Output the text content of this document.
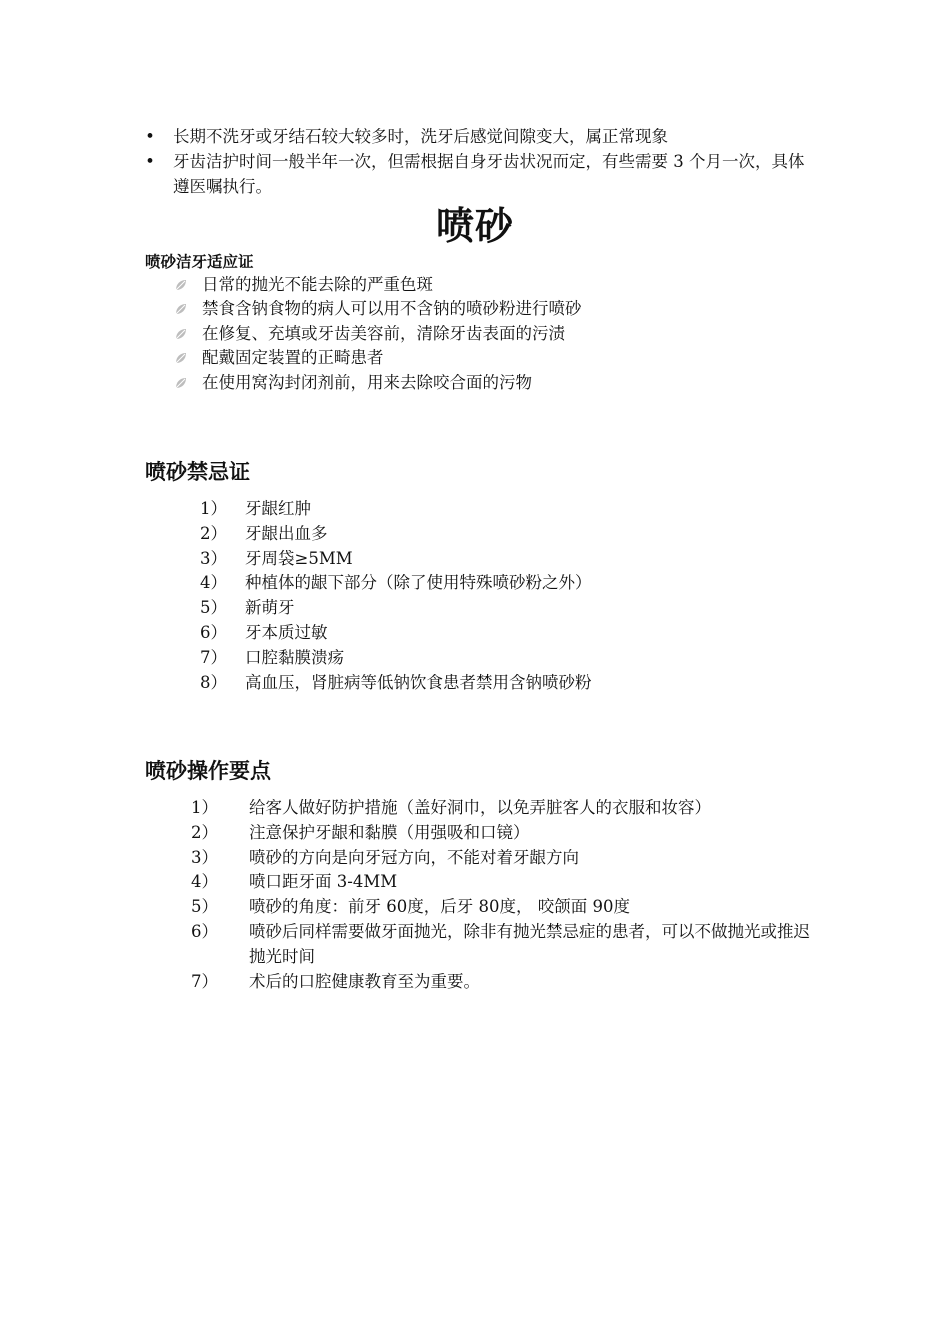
• 长期不洗牙或牙结石较大较多时，洗牙后感觉间隙变大，属正常现象
• 牙齿洁护时间一般半年一次，但需根据自身牙齿状况而定，有些需要 3 个月一次，具体遵医嘱执行。
喷砂
喷砂洁牙适应证
日常的抛光不能去除的严重色斑
禁食含钠食物的病人可以用不含钠的喷砂粉进行喷砂
在修复、充填或牙齿美容前，清除牙齿表面的污渍
配戴固定装置的正畸患者
在使用窝沟封闭剂前，用来去除咬合面的污物
喷砂禁忌证
1） 牙龈红肿
2） 牙龈出血多
3） 牙周袋≥5MM
4） 种植体的龈下部分（除了使用特殊喷砂粉之外）
5） 新萌牙
6） 牙本质过敏
7） 口腔黏膜溃疡
8） 高血压，肾脏病等低钠饮食患者禁用含钠喷砂粉
喷砂操作要点
1） 给客人做好防护措施（盖好洞巾，以免弄脏客人的衣服和妆容）
2） 注意保护牙龈和黏膜（用强吸和口镜）
3） 喷砂的方向是向牙冠方向，不能对着牙龈方向
4） 喷口距牙面 3-4MM
5） 喷砂的角度：前牙 60度，后牙 80度， 咬颌面 90度
6） 喷砂后同样需要做牙面抛光，除非有抛光禁忌症的患者，可以不做抛光或推迟抛光时间
7） 术后的口腔健康教育至为重要。
